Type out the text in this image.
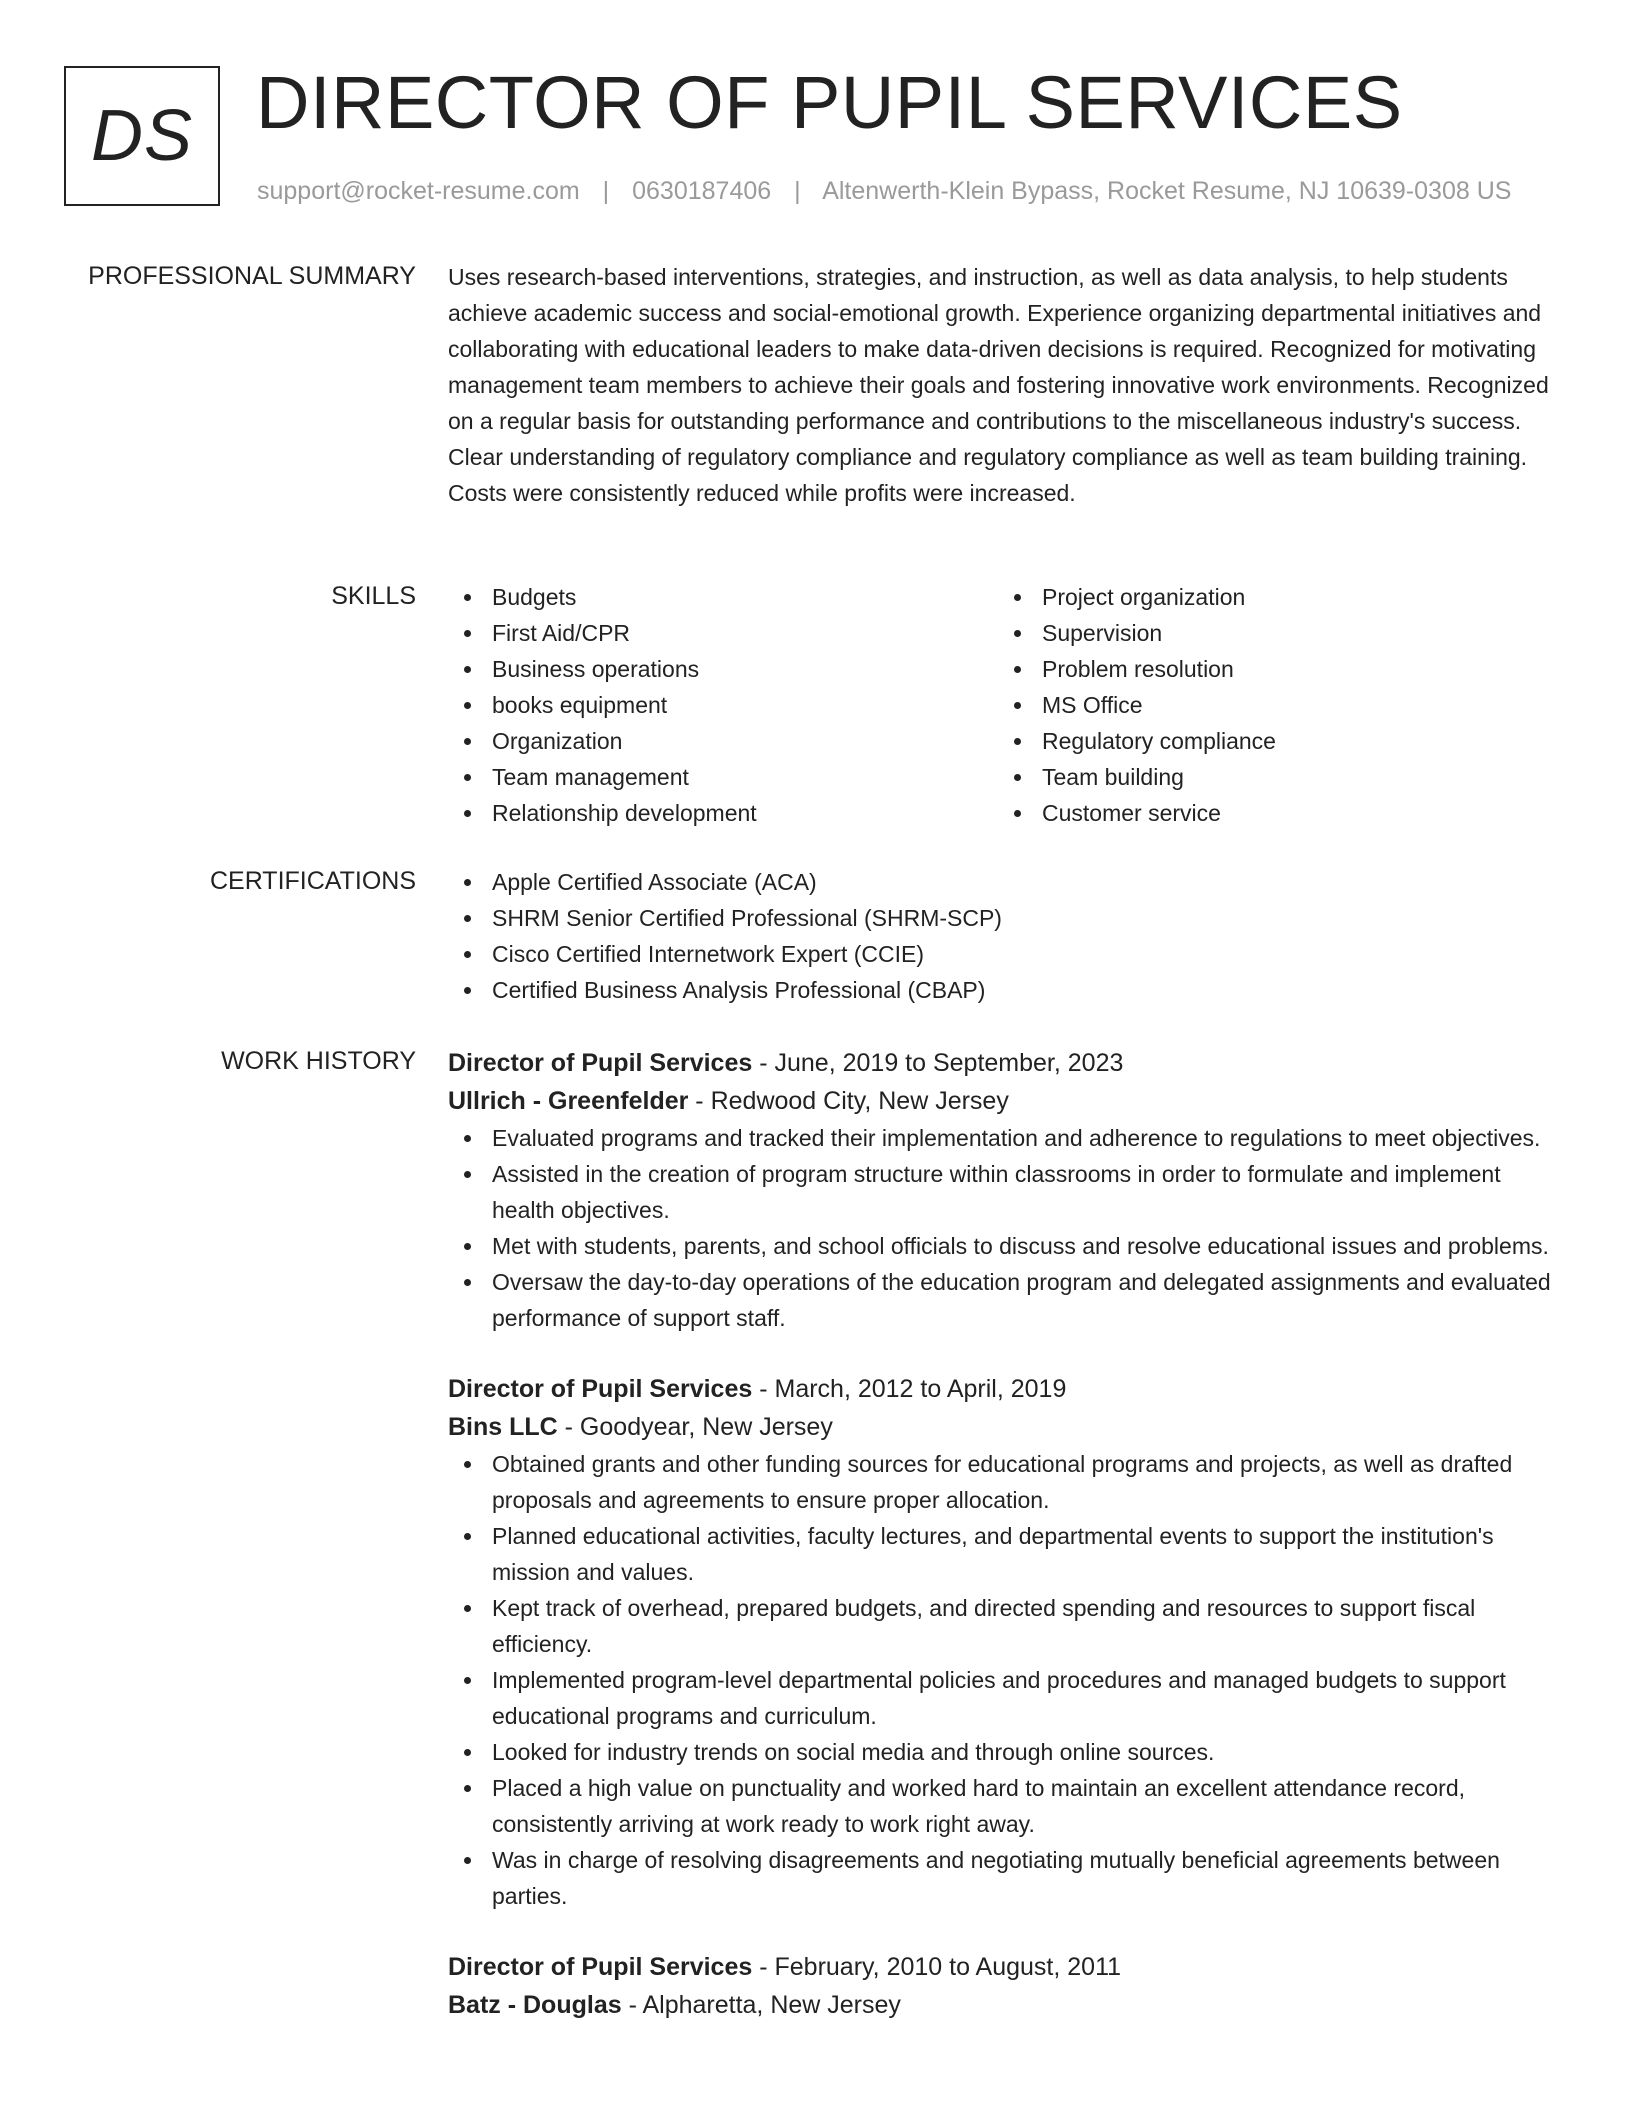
DS DIRECTOR OF PUPIL SERVICES
support@rocket-resume.com | 0630187406 | Altenwerth-Klein Bypass, Rocket Resume, NJ 10639-0308 US
PROFESSIONAL SUMMARY Uses research-based interventions, strategies, and instruction, as well as data analysis, to help students achieve academic success and social-emotional growth. Experience organizing departmental initiatives and collaborating with educational leaders to make data-driven decisions is required. Recognized for motivating management team members to achieve their goals and fostering innovative work environments. Recognized on a regular basis for outstanding performance and contributions to the miscellaneous industry's success. Clear understanding of regulatory compliance and regulatory compliance as well as team building training. Costs were consistently reduced while profits were increased.

SKILLS	Budgets
First Aid/CPR
Business operations
books equipment
Organization
Team management
Relationship development
Project organization
Supervision
Problem resolution
MS Office
Regulatory compliance
Team building
Customer service
CERTIFICATIONS	Apple Certified Associate (ACA)
SHRM Senior Certified Professional (SHRM-SCP)
Cisco Certified Internetwork Expert (CCIE)
Certified Business Analysis Professional (CBAP)
WORK HISTORY Director of Pupil Services - June, 2019 to September, 2023
Ullrich - Greenfelder - Redwood City, New Jersey
Evaluated programs and tracked their implementation and adherence to regulations to meet objectives.
Assisted in the creation of program structure within classrooms in order to formulate and implement health objectives.
Met with students, parents, and school officials to discuss and resolve educational issues and problems.
Oversaw the day-to-day operations of the education program and delegated assignments and evaluated performance of support staff.
Director of Pupil Services - March, 2012 to April, 2019
Bins LLC - Goodyear, New Jersey
Obtained grants and other funding sources for educational programs and projects, as well as drafted proposals and agreements to ensure proper allocation.
Planned educational activities, faculty lectures, and departmental events to support the institution's mission and values.
Kept track of overhead, prepared budgets, and directed spending and resources to support fiscal efficiency.
Implemented program-level departmental policies and procedures and managed budgets to support educational programs and curriculum.
Looked for industry trends on social media and through online sources.
Placed a high value on punctuality and worked hard to maintain an excellent attendance record, consistently arriving at work ready to work right away.
Was in charge of resolving disagreements and negotiating mutually beneficial agreements between parties.
Director of Pupil Services - February, 2010 to August, 2011
Batz - Douglas - Alpharetta, New Jersey
